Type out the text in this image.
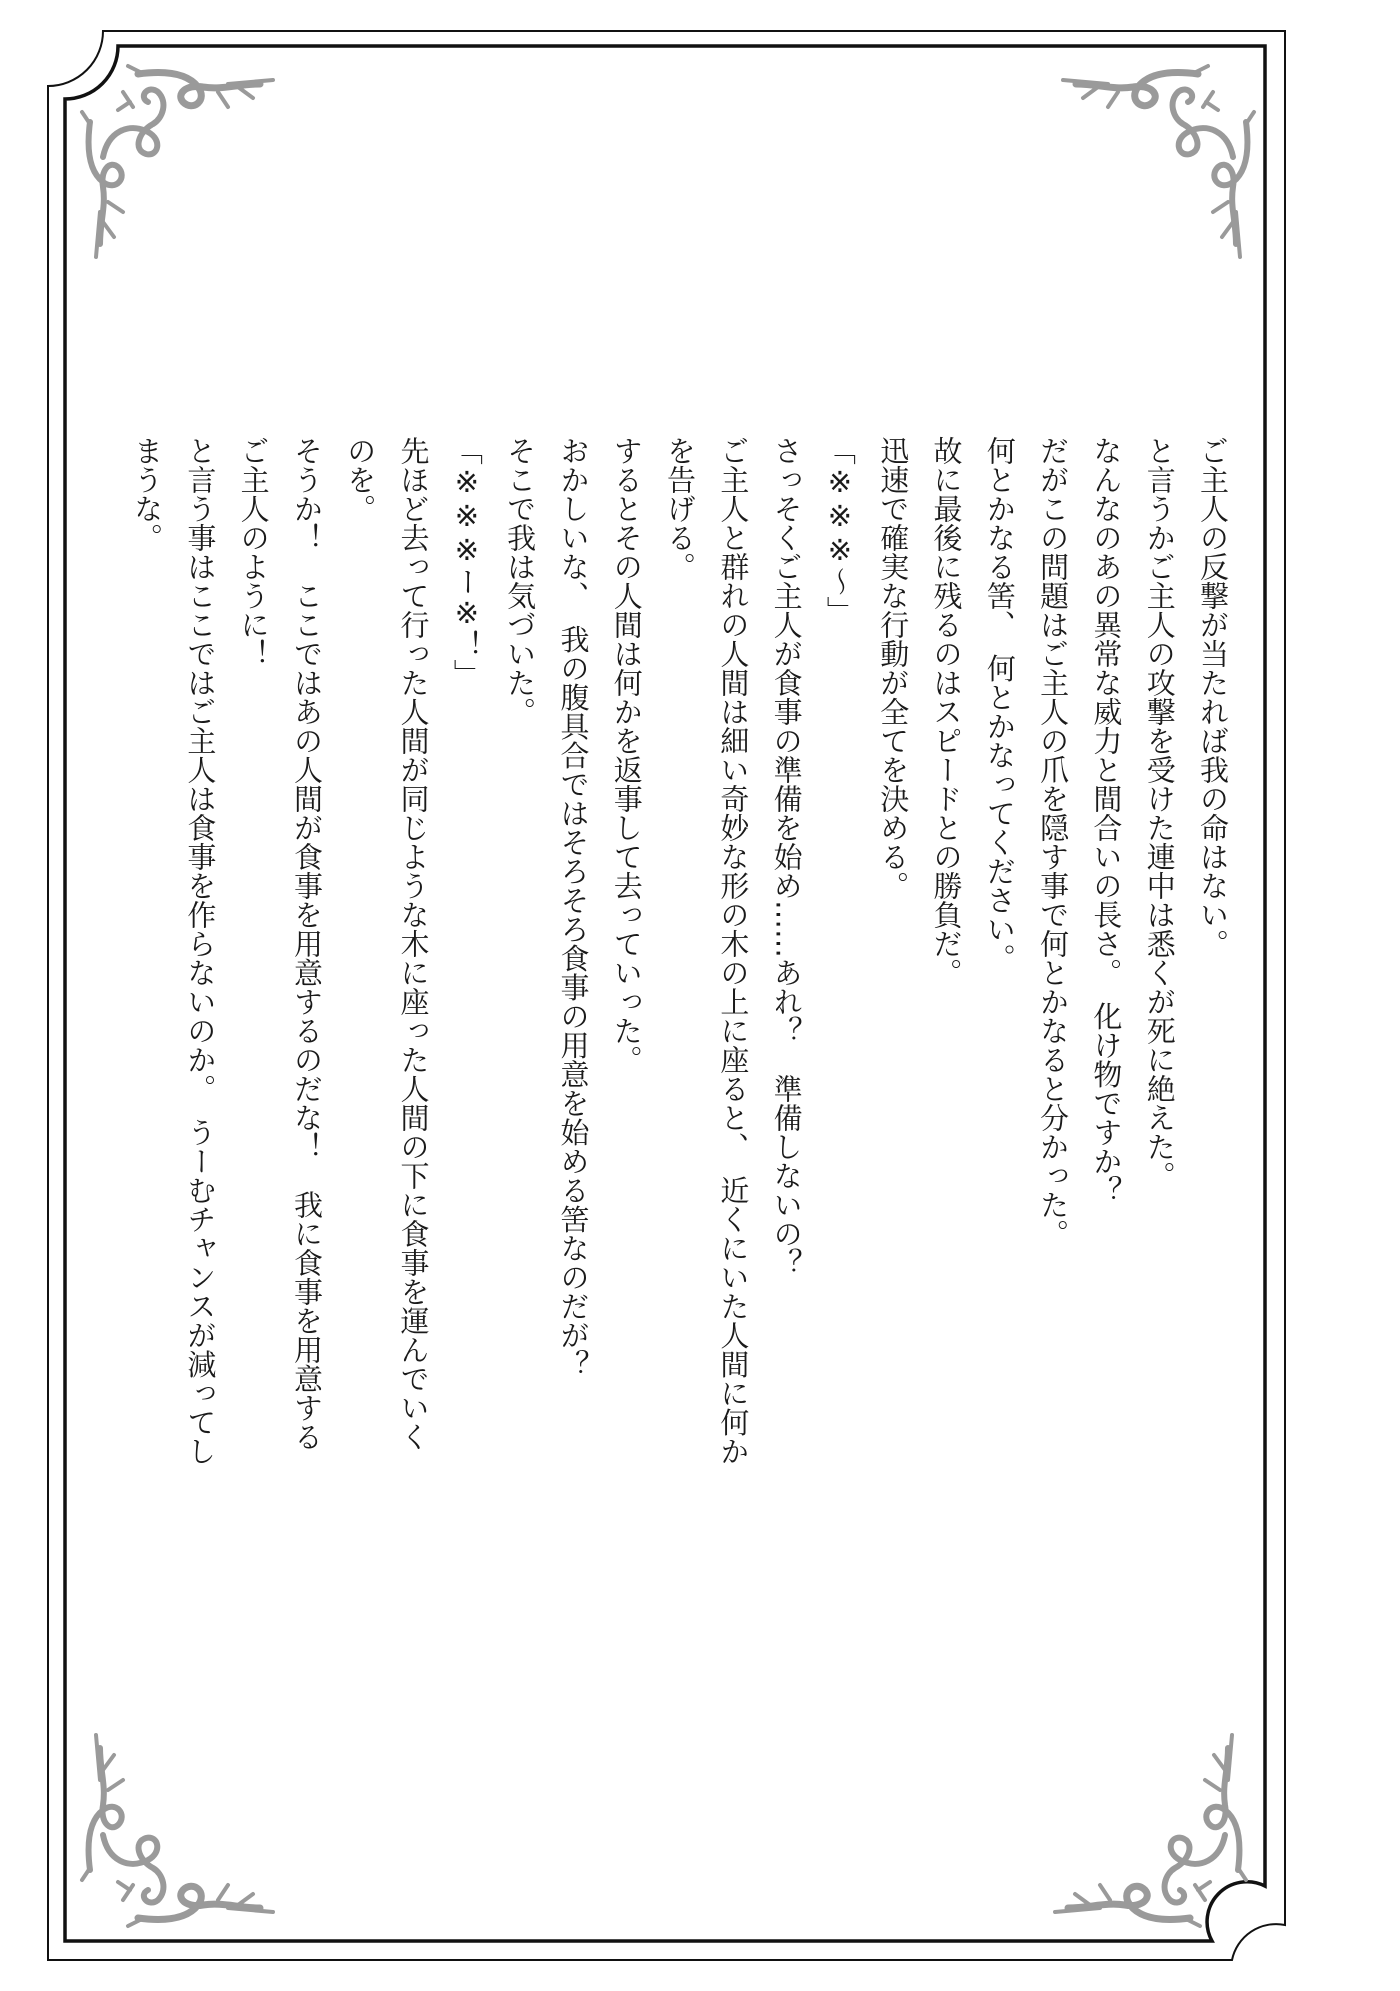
ご主人の反撃が当たれば我の命はない。

と言うかご主人の攻撃を受けた連中は悉くが死に絶えた。

なんなのあの異常な威力と間合いの長さ。　化け物ですか？

だがこの問題はご主人の爪を隠す事で何とかなると分かった。

何とかなる筈、　何とかなってください。

故に最後に残るのはスピードとの勝負だ。

迅速で確実な行動が全てを決める。

「※※※～」

さっそくご主人が食事の準備を始め……あれ？　準備しないの？

ご主人と群れの人間は細い奇妙な形の木の上に座ると、　近くにいた人間に何か

を告げる。

するとその人間は何かを返事して去っていった。

おかしいな、　我の腹具合ではそろそろ食事の用意を始める筈なのだが？

そこで我は気づいた。

「※※※ー※！」

先ほど去って行った人間が同じような木に座った人間の下に食事を運んでいく

のを。

そうか！　ここではあの人間が食事を用意するのだな！　我に食事を用意する

ご主人のように！

と言う事はここではご主人は食事を作らないのか。　うーむチャンスが減ってし

まうな。
